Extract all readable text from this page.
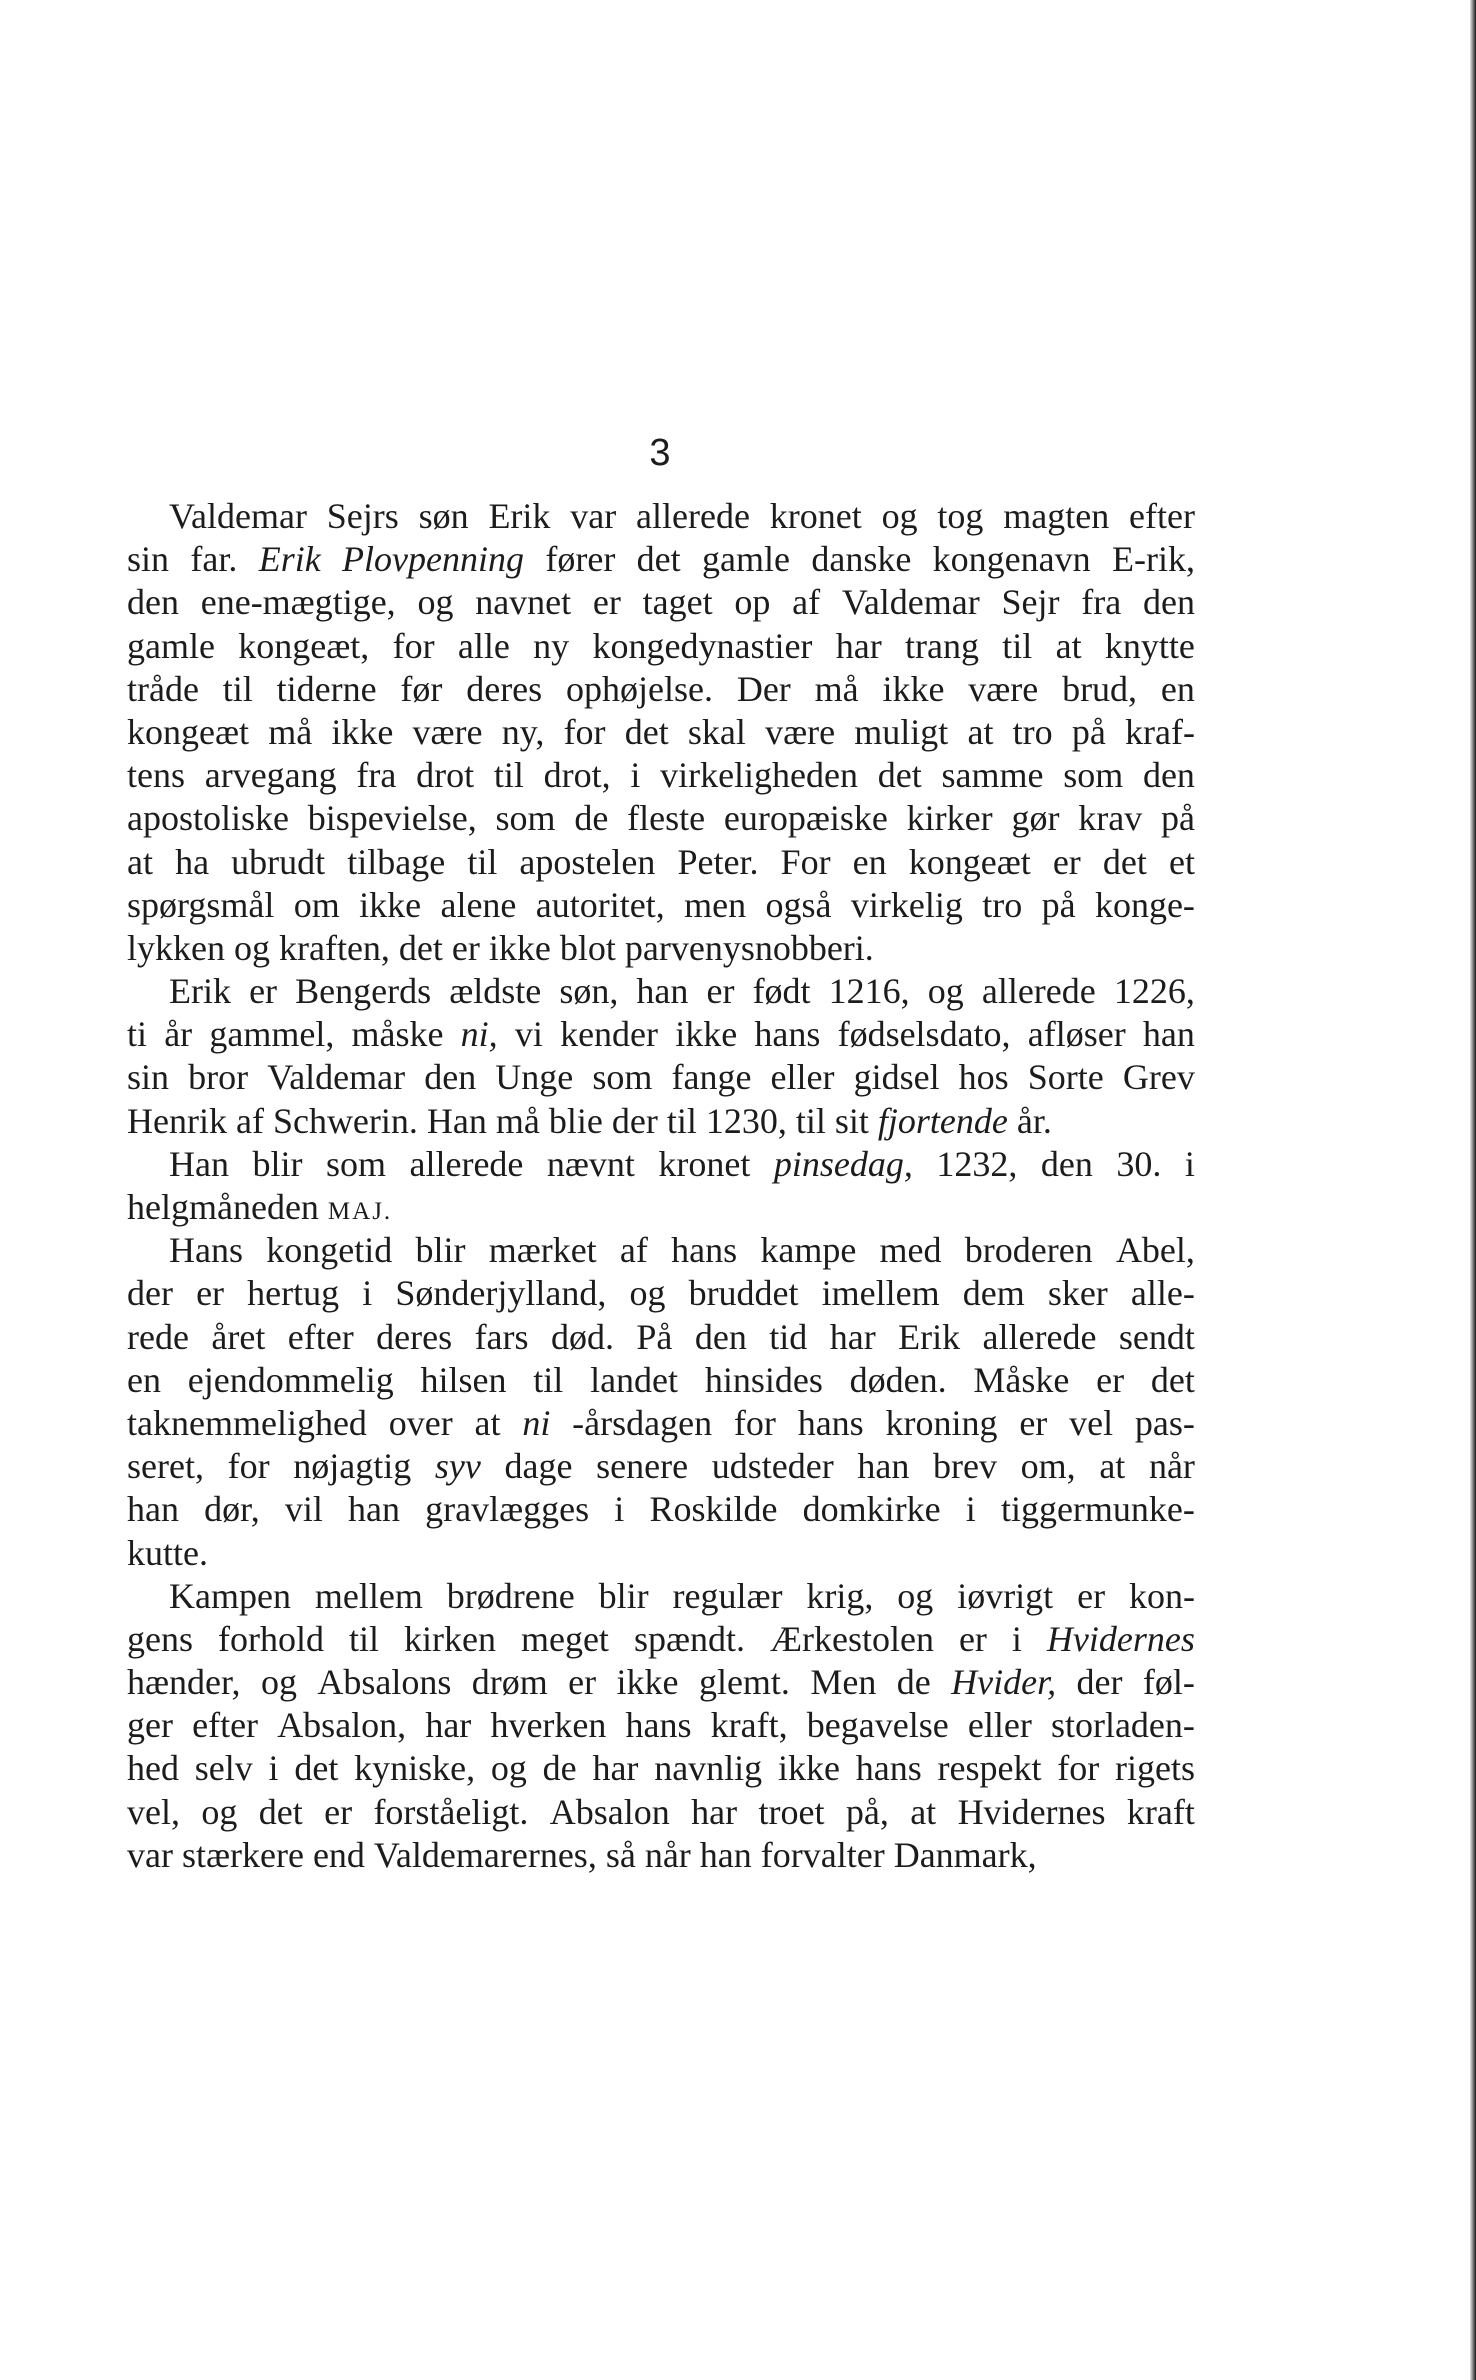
3
Valdemar Sejrs søn Erik var allerede kronet og tog magten efter
sin far. Erik Plovpenning fører det gamle danske kongenavn E-rik,
den ene-mægtige, og navnet er taget op af Valdemar Sejr fra den
gamle kongeæt, for alle ny kongedynastier har trang til at knytte
tråde til tiderne før deres ophøjelse. Der må ikke være brud, en
kongeæt må ikke være ny, for det skal være muligt at tro på kraf-
tens arvegang fra drot til drot, i virkeligheden det samme som den
apostoliske bispevielse, som de fleste europæiske kirker gør krav på
at ha ubrudt tilbage til apostelen Peter. For en kongeæt er det et
spørgsmål om ikke alene autoritet, men også virkelig tro på konge-
lykken
og
kraften,
det
er
ikke
blot
parvenysnobberi.
Erik er Bengerds ældste søn, han er født 1216, og allerede 1226,
ti år gammel, måske ni, vi kender ikke hans fødselsdato, afløser han
sin bror Valdemar den Unge som fange eller gidsel hos Sorte Grev
Henrik
af
Schwerin.
Han
må
blie
der
til
1230,
til
sit
fjortende
år.
Han blir som allerede nævnt kronet pinsedag, 1232, den 30. i
helgmåneden
MAJ.
Hans kongetid blir mærket af hans kampe med broderen Abel,
der er hertug i Sønderjylland, og bruddet imellem dem sker alle-
rede året efter deres fars død. På den tid har Erik allerede sendt
en ejendommelig hilsen til landet hinsides døden. Måske er det
taknemmelighed over at ni -årsdagen for hans kroning er vel pas-
seret, for nøjagtig syv dage senere udsteder han brev om, at når
han dør, vil han gravlægges i Roskilde domkirke i tiggermunke-
kutte.
Kampen mellem brødrene blir regulær krig, og iøvrigt er kon-
gens forhold til kirken meget spændt. Ærkestolen er i Hvidernes
hænder, og Absalons drøm er ikke glemt. Men de Hvider, der føl-
ger efter Absalon, har hverken hans kraft, begavelse eller storladen-
hed selv i det kyniske, og de har navnlig ikke hans respekt for rigets
vel, og det er forståeligt. Absalon har troet på, at Hvidernes kraft
var
stærkere
end
Valdemarernes,
så
når
han
forvalter
Danmark,
